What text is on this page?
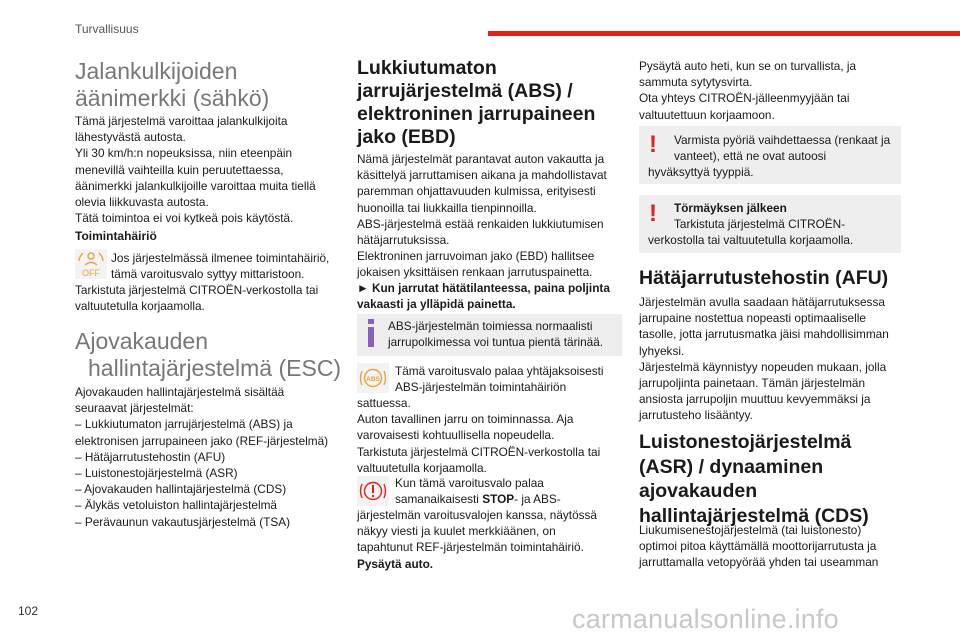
Turvallisuus
102	carmanualsonline.info
Jalankulkijoiden
äänimerkki (sähkö)
Tämä järjestelmä varoittaa jalankulkijoita
lähestyvästä autosta.
Yli 30 km/h:n nopeuksissa, niin eteenpäin
menevillä vaihteilla kuin peruutettaessa,
äänimerkki jalankulkijoille varoittaa muita tiellä
olevia liikkuvasta autosta.
Tätä toimintoa ei voi kytkeä pois käytöstä.
Toimintahäiriö
OFF
Jos järjestelmässä ilmenee toimintahäiriö,
tämä varoitusvalo syttyy mittaristoon.
Tarkistuta järjestelmä CITROËN-verkostolla tai
valtuutetulla korjaamolla.
Ajovakauden
hallintajärjestelmä (ESC)
Ajovakauden hallintajärjestelmä sisältää
seuraavat järjestelmät:
– Lukkiutumaton jarrujärjestelmä (ABS) ja
elektronisen jarrupaineen jako (REF-järjestelmä)
– Hätäjarrutustehostin (AFU)
– Luistonestojärjestelmä (ASR)
– Ajovakauden hallintajärjestelmä (CDS)
– Älykäs vetoluiston hallintajärjestelmä
– Perävaunun vakautusjärjestelmä (TSA)
Lukkiutumaton
jarrujärjestelmä (ABS) /
elektroninen jarrupaineen
jako (EBD)
Nämä järjestelmät parantavat auton vakautta ja
käsittelyä jarruttamisen aikana ja mahdollistavat
paremman ohjattavuuden kulmissa, erityisesti
huonoilla tai liukkailla tienpinnoilla.
ABS-järjestelmä estää renkaiden lukkiutumisen
hätäjarrutuksissa.
Elektroninen jarruvoiman jako (EBD) hallitsee
jokaisen yksittäisen renkaan jarrutuspainetta.
► Kun jarrutat hätätilanteessa, paina poljinta
vakaasti ja ylläpidä painetta.
ABS-järjestelmän toimiessa normaalisti
jarrupolkimessa voi tuntua pientä tärinää.
ABS
Tämä varoitusvalo palaa yhtäjaksoisesti
ABS-järjestelmän toimintahäiriön
sattuessa.
Auton tavallinen jarru on toiminnassa. Aja
varovaisesti kohtuullisella nopeudella.
Tarkistuta järjestelmä CITROËN-verkostolla tai
valtuutetulla korjaamolla.
Kun tämä varoitusvalo palaa
samanaikaisesti STOP- ja ABS-
järjestelmän varoitusvalojen kanssa, näytössä
näkyy viesti ja kuulet merkkiäänen, on
tapahtunut REF-järjestelmän toimintahäiriö.
Pysäytä auto.
Pysäytä auto heti, kun se on turvallista, ja
sammuta sytytysvirta.
Ota yhteys CITROËN-jälleenmyyjään tai
valtuutettuun korjaamoon.
! Varmista pyöriä vaihdettaessa (renkaat ja
vanteet), että ne ovat autoosi
hyväksyttyä tyyppiä.
! Törmäyksen jälkeen
Tarkistuta järjestelmä CITROËN-
verkostolla tai valtuutetulla korjaamolla.
Hätäjarrutustehostin (AFU)
Järjestelmän avulla saadaan hätäjarrutuksessa
jarrupaine nostettua nopeasti optimaaliselle
tasolle, jotta jarrutusmatka jäisi mahdollisimman
lyhyeksi.
Järjestelmä käynnistyy nopeuden mukaan, jolla
jarrupoljinta painetaan. Tämän järjestelmän
ansiosta jarrupoljin muuttuu kevyemmäksi ja
jarrutusteho lisääntyy.
Luistonestojärjestelmä
(ASR) / dynaaminen
ajovakauden
hallintajärjestelmä (CDS)
Liukumisenestojärjestelmä (tai luistonesto)
optimoi pitoa käyttämällä moottorijarrutusta ja
jarruttamalla vetopyörää yhden tai useamman
